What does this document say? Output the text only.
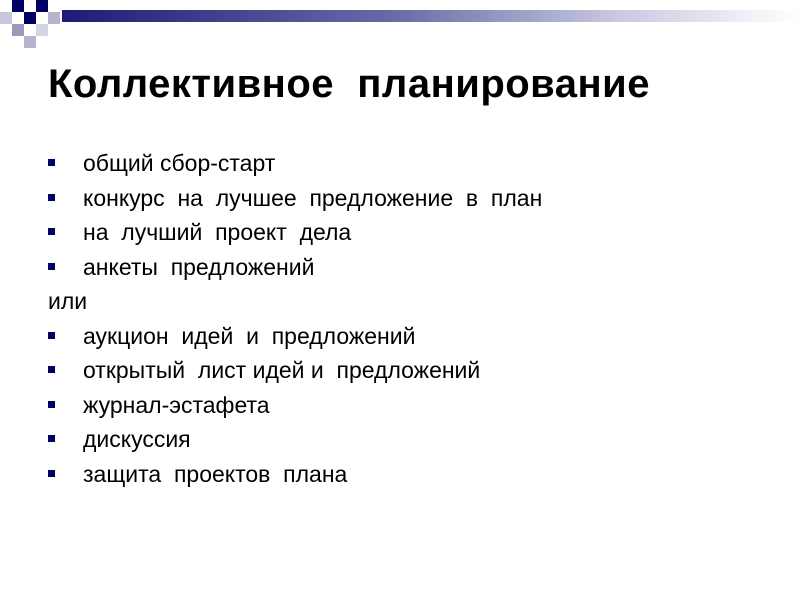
Коллективное  планирование
общий сбор-старт
конкурс  на  лучшее  предложение  в  план
на  лучший  проект  дела
анкеты  предложений
или
аукцион  идей  и  предложений
открытый  лист идей и  предложений
журнал-эстафета
дискуссия
защита  проектов  плана
